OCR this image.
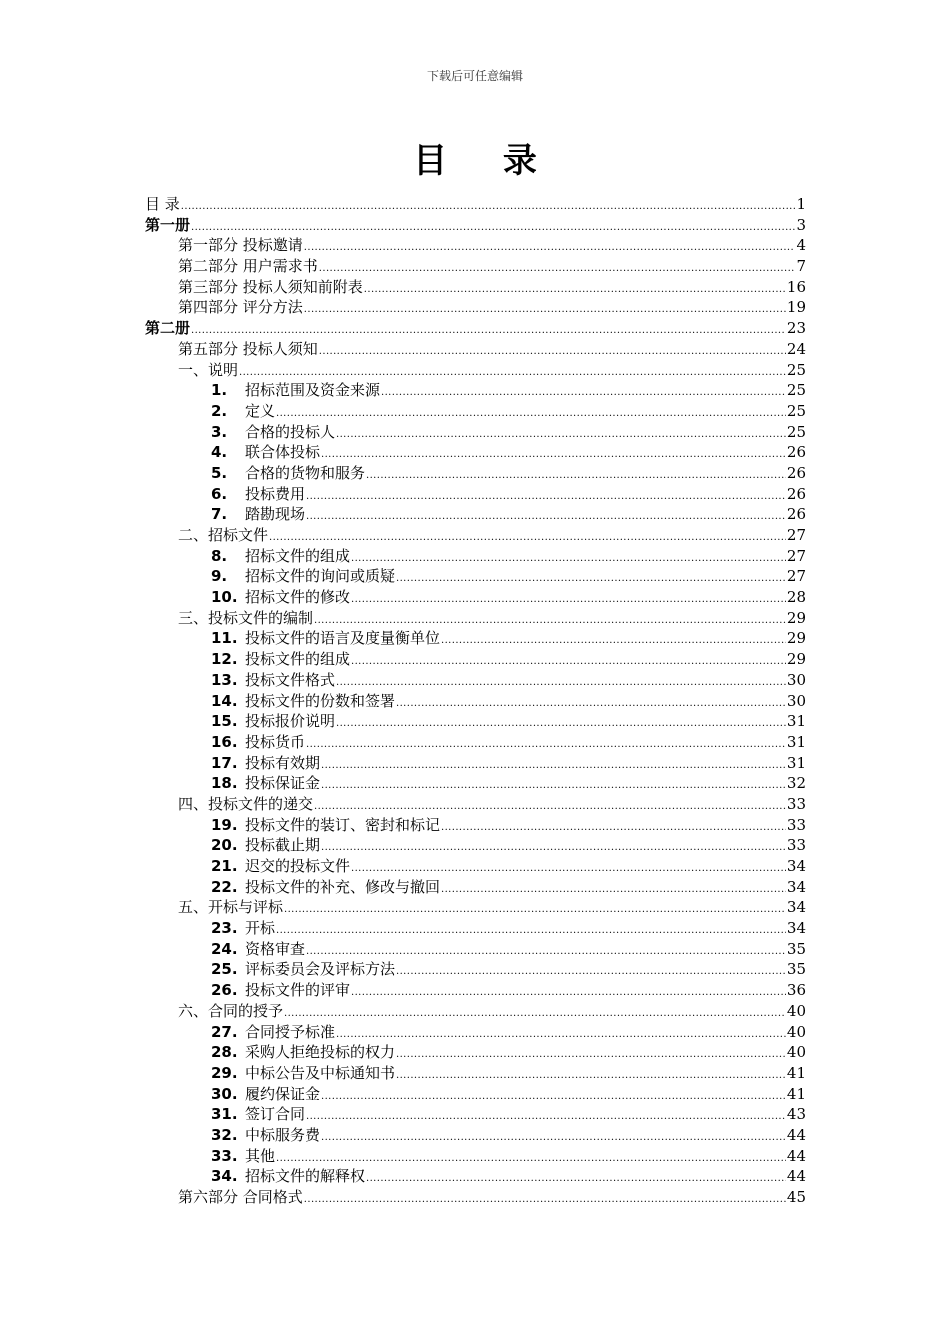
下载后可任意编辑
目 录
目 录 .....	1
第一册 .....	3
第一部分 投标邀请 .....	4
第二部分 用户需求书 .....	7
第三部分 投标人须知前附表 .....	16
第四部分 评分方法 .....	19
第二册 .....	23
第五部分 投标人须知 .....	24
一、说明 .....	25
1. 招标范围及资金来源 .....	25
2. 定义 .....	25
3. 合格的投标人 .....	25
4. 联合体投标 .....	26
5. 合格的货物和服务 .....	26
6. 投标费用 .....	26
7. 踏勘现场 .....	26
二、招标文件 .....	27
8. 招标文件的组成 .....	27
9. 招标文件的询问或质疑 .....	27
10. 招标文件的修改 .....	28
三、投标文件的编制 .....	29
11. 投标文件的语言及度量衡单位 .....	29
12. 投标文件的组成 .....	29
13. 投标文件格式 .....	30
14. 投标文件的份数和签署 .....	30
15. 投标报价说明 .....	31
16. 投标货币 .....	31
17. 投标有效期 .....	31
18. 投标保证金 .....	32
四、投标文件的递交 .....	33
19. 投标文件的装订、密封和标记 .....	33
20. 投标截止期 .....	33
21. 迟交的投标文件 .....	34
22. 投标文件的补充、修改与撤回 .....	34
五、开标与评标 .....	34
23. 开标 .....	34
24. 资格审查 .....	35
25. 评标委员会及评标方法 .....	35
26. 投标文件的评审 .....	36
六、合同的授予 .....	40
27. 合同授予标准 .....	40
28. 采购人拒绝投标的权力 .....	40
29. 中标公告及中标通知书 .....	41
30. 履约保证金 .....	41
31. 签订合同 .....	43
32. 中标服务费 .....	44
33. 其他 .....	44
34. 招标文件的解释权 .....	44
第六部分 合同格式 .....	45
